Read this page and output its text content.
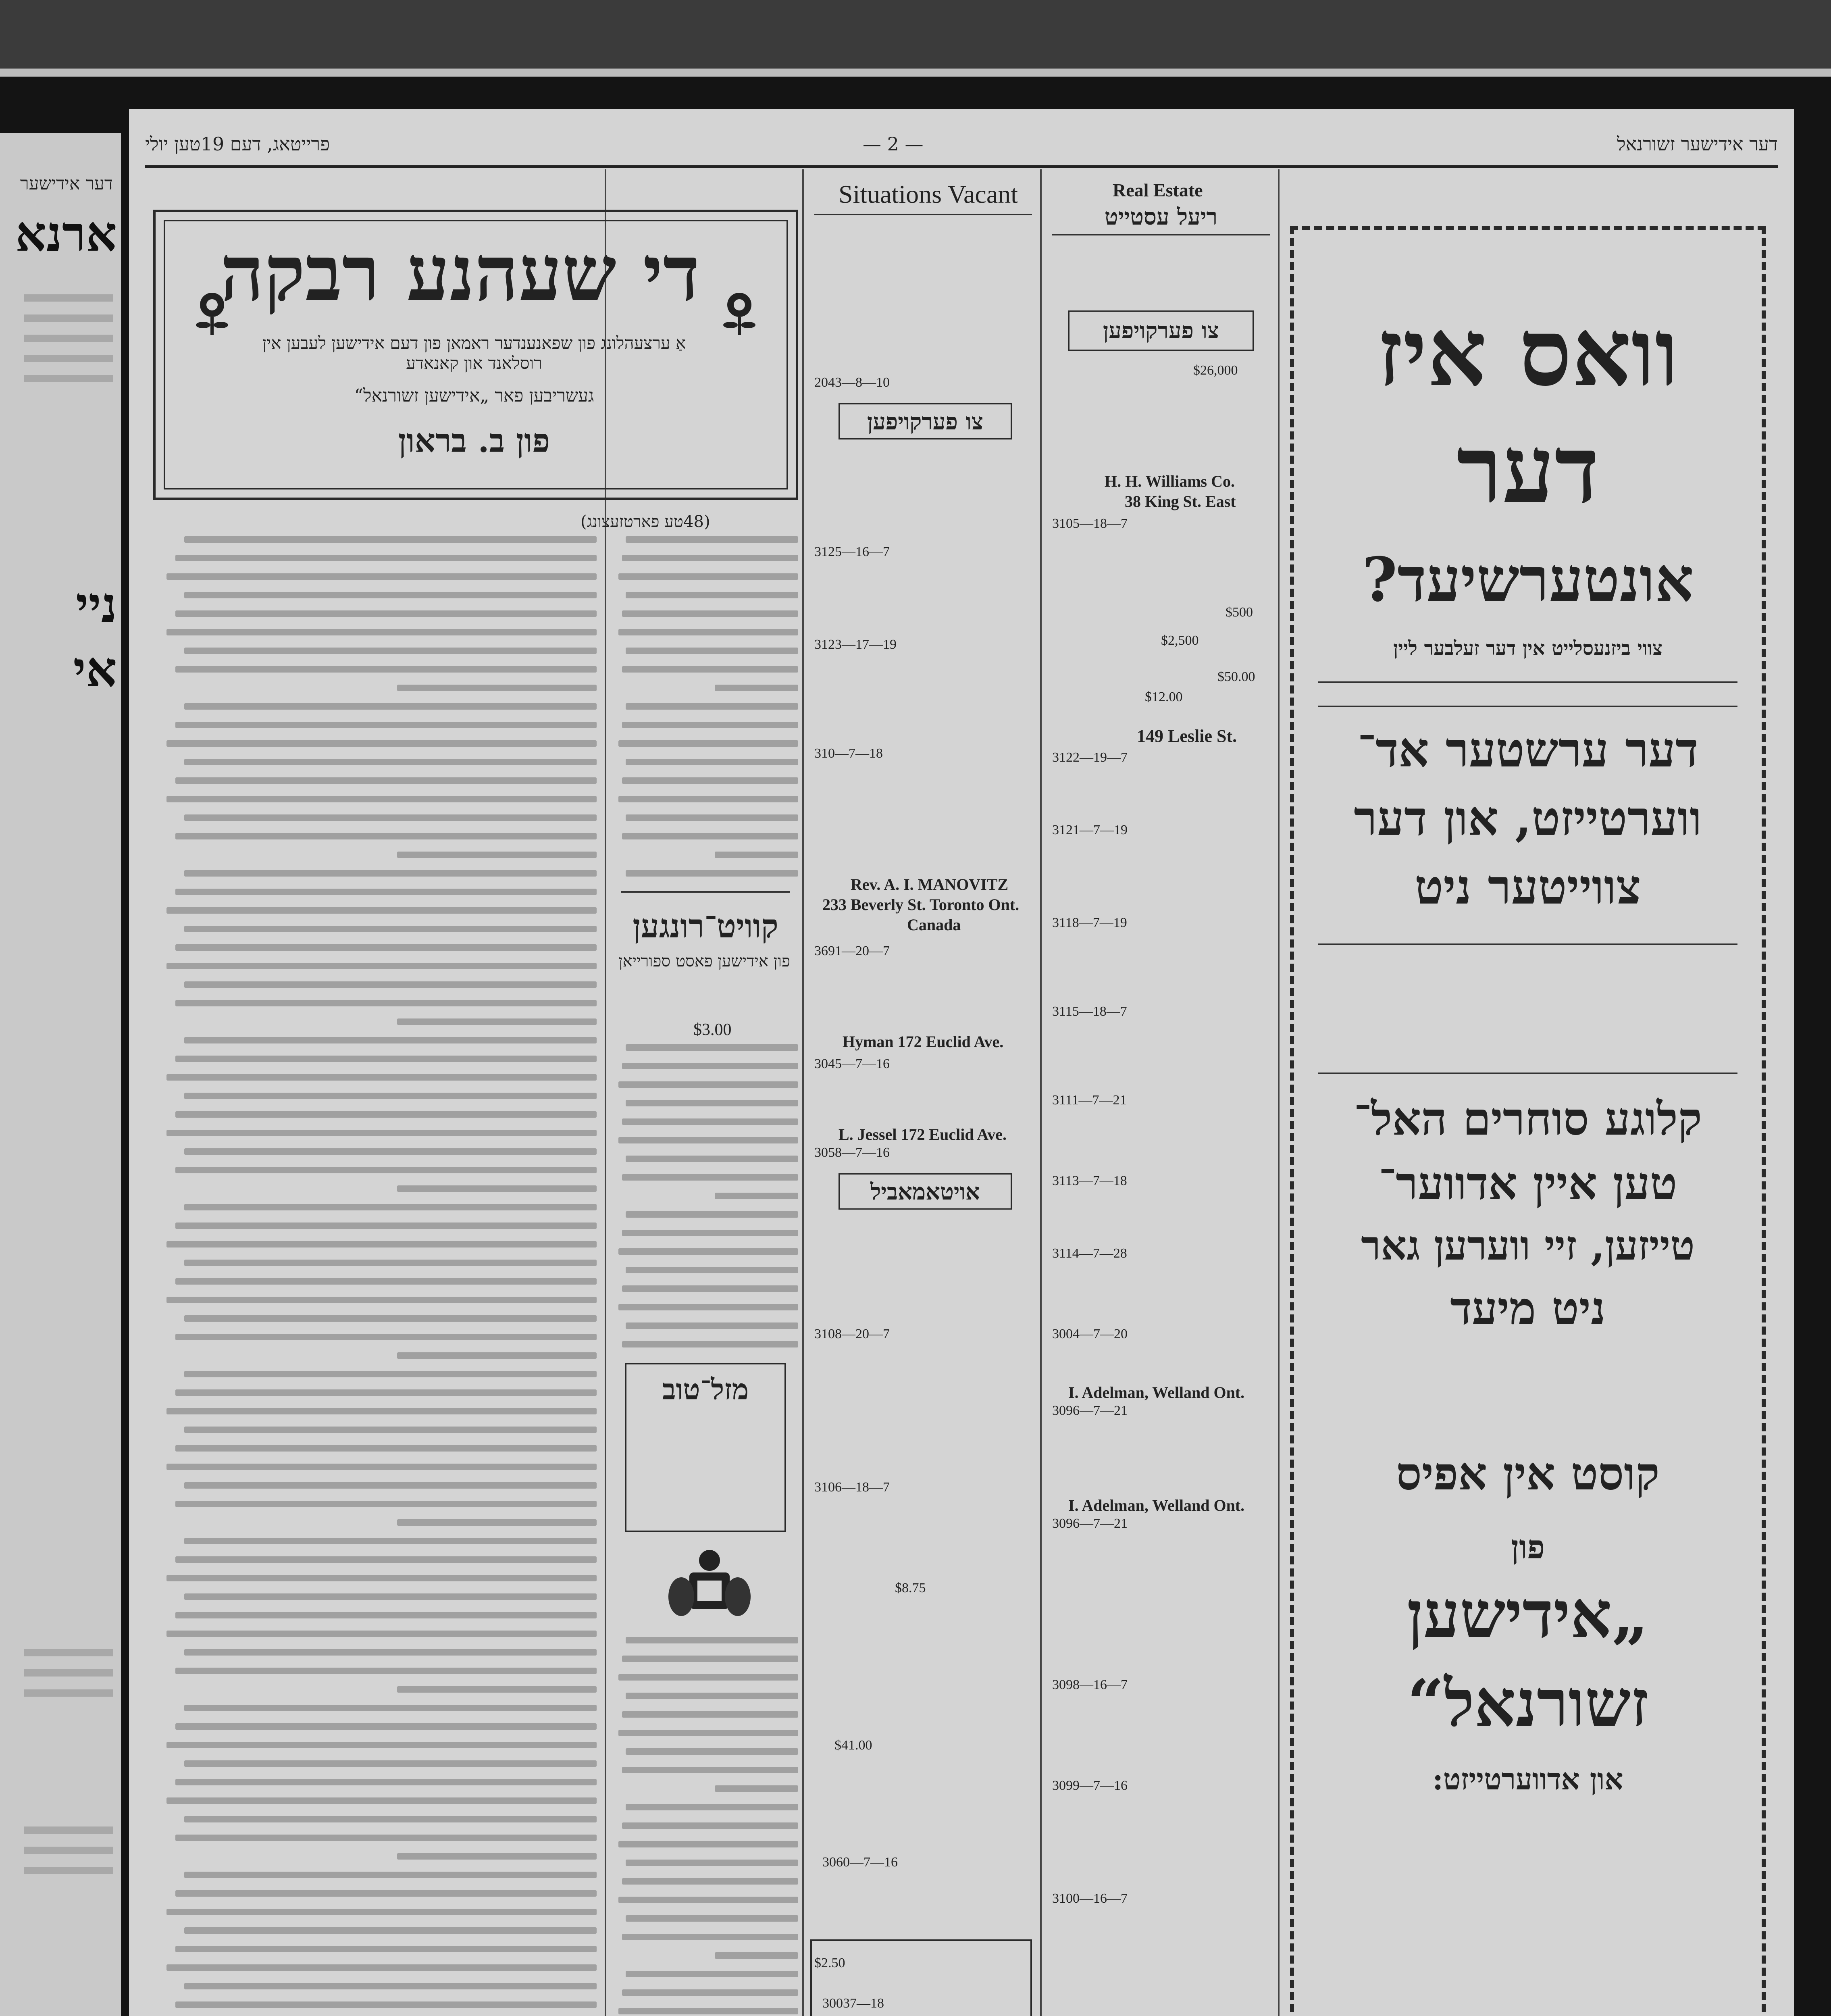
דער אידישער
ארנא
ניי
אי
דער אידישער זשורנאל
— 2 —
פרייטאג, דעם 19טען יולי
די שעהנע רבקה
אַ ערצעהלונג פון שפאנענדער ראמאן פון דעם אידישען לעבען אין רוסלאנד און קאנאדע
געשריבען פאר „אידישען זשורנאל“
פון ב. בראון
(48טע פארטזעצונג)
קוויט־רונגען
פון אידישען פאסט ספורייאן
$3.00
מזל־טוב
Situations Vacant
2043—8—10
צו פערקויפען
3125—16—7
3123—17—19
310—7—18
Rev. A. I. MANOVITZ
233 Beverly St. Toronto Ont.
Canada
3691—20—7
Hyman 172 Euclid Ave.
3045—7—16
L. Jessel 172 Euclid Ave.
3058—7—16
אויטאמאביל
3108—20—7
3106—18—7
$8.75
$41.00
3060—7—16
$2.50
30037—18
Real Estate
ריעל עסטייט
צו פערקויפען
$26,000
H. H. Williams Co.
38 King St. East
3105—18—7
$500
$2,500
$50.00
$12.00
149 Leslie St.
3122—19—7
3121—7—19
3118—7—19
3115—18—7
3111—7—21
3113—7—18
3114—7—28
3004—7—20
I. Adelman, Welland Ont.
3096—7—21
I. Adelman, Welland Ont.
3096—7—21
3098—16—7
3099—7—16
3100—16—7
וואס איז
דער
אונטערשיעד?
צווי ביזנעסלייט אין דער זעלבער ליין
דער ערשטער אד־
ווערטייזט, און דער
צווייטער ניט
קלוגע סוחרים האל־
טען איין אדווער־
טייזען, זיי ווערען גאר
ניט מיעד
קוסט אין אפיס
פון
„אידישען
זשורנאל“
און אדווערטייזט:
